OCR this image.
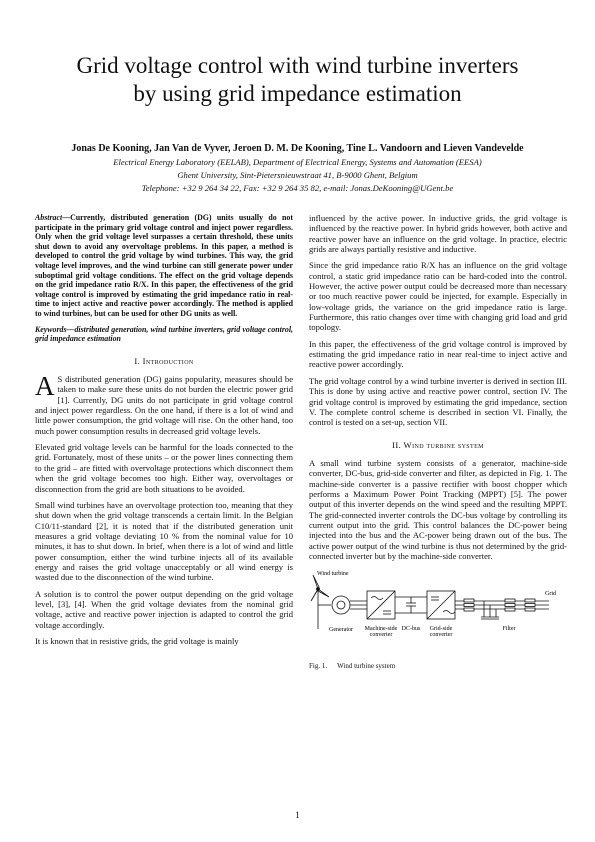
Grid voltage control with wind turbine inverters
by using grid impedance estimation
Jonas De Kooning, Jan Van de Vyver, Jeroen D. M. De Kooning, Tine L. Vandoorn and Lieven Vandevelde
Electrical Energy Laboratory (EELAB), Department of Electrical Energy, Systems and Automation (EESA)
Ghent University, Sint-Pietersnieuwstraat 41, B-9000 Ghent, Belgium
Telephone: +32 9 264 34 22, Fax: +32 9 264 35 82, e-mail: Jonas.DeKooning@UGent.be
Abstract—Currently, distributed generation (DG) units usually do not participate in the primary grid voltage control and inject power regardless. Only when the grid voltage level surpasses a certain threshold, these units shut down to avoid any overvoltage problems. In this paper, a method is developed to control the grid voltage by wind turbines. This way, the grid voltage level improves, and the wind turbine can still generate power under suboptimal grid voltage conditions. The effect on the grid voltage depends on the grid impedance ratio R/X. In this paper, the effectiveness of the grid voltage control is improved by estimating the grid impedance ratio in real-time to inject active and reactive power accordingly. The method is applied to wind turbines, but can be used for other DG units as well.
Keywords—distributed generation, wind turbine inverters, grid voltage control, grid impedance estimation
I. Introduction

A S distributed generation (DG) gains popularity, measures should be taken to make sure these units do not burden the electric power grid [1]. Currently, DG units do not participate in grid voltage control and inject power regardless. On the one hand, if there is a lot of wind and little power consumption, the grid voltage will rise. On the other hand, too much power consumption results in decreased grid voltage levels.

Elevated grid voltage levels can be harmful for the loads connected to the grid. Fortunately, most of these units – or the power lines connecting them to the grid – are fitted with overvoltage protections which disconnect them when the grid voltage becomes too high. Either way, overvoltages or disconnection from the grid are both situations to be avoided.

Small wind turbines have an overvoltage protection too, meaning that they shut down when the grid voltage transcends a certain limit. In the Belgian C10/11-standard [2], it is noted that if the distributed generation unit measures a grid voltage deviating 10 % from the nominal value for 10 minutes, it has to shut down. In brief, when there is a lot of wind and little power consumption, either the wind turbine injects all of its available energy and raises the grid voltage unacceptably or all wind energy is wasted due to the disconnection of the wind turbine.

A solution is to control the power output depending on the grid voltage level, [3], [4]. When the grid voltage deviates from the nominal grid voltage, active and reactive power injection is adapted to control the grid voltage accordingly.

It is known that in resistive grids, the grid voltage is mainly

influenced by the active power. In inductive grids, the grid voltage is influenced by the reactive power. In hybrid grids however, both active and reactive power have an influence on the grid voltage. In practice, electric grids are always partially resistive and inductive.

Since the grid impedance ratio R/X has an influence on the grid voltage control, a static grid impedance ratio can be hard-coded into the control. However, the active power output could be decreased more than necessary or too much reactive power could be injected, for example. Especially in low-voltage grids, the variance on the grid impedance ratio is large. Furthermore, this ratio changes over time with changing grid load and grid topology.

In this paper, the effectiveness of the grid voltage control is improved by estimating the grid impedance ratio in near real-time to inject active and reactive power accordingly.

The grid voltage control by a wind turbine inverter is derived in section III. This is done by using active and reactive power control, section IV. The grid voltage control is improved by estimating the grid impedance, section V. The complete control scheme is described in section VI. Finally, the control is tested on a set-up, section VII.

II. Wind turbine system

A small wind turbine system consists of a generator, machine-side converter, DC-bus, grid-side converter and filter, as depicted in Fig. 1. The machine-side converter is a passive rectifier with boost chopper which performs a Maximum Power Point Tracking (MPPT) [5]. The power output of this inverter depends on the wind speed and the resulting MPPT. The grid-connected inverter controls the DC-bus voltage by controlling its current output into the grid. This control balances the DC-power being injected into the bus and the AC-power being drawn out of the bus. The active power output of the wind turbine is thus not determined by the grid-connected inverter but by the machine-side converter.

Wind turbine
Grid
Generator Machine-side
converter
DC-bus Grid-side
converter
Filter
Fig. 1. Wind turbine system
1
